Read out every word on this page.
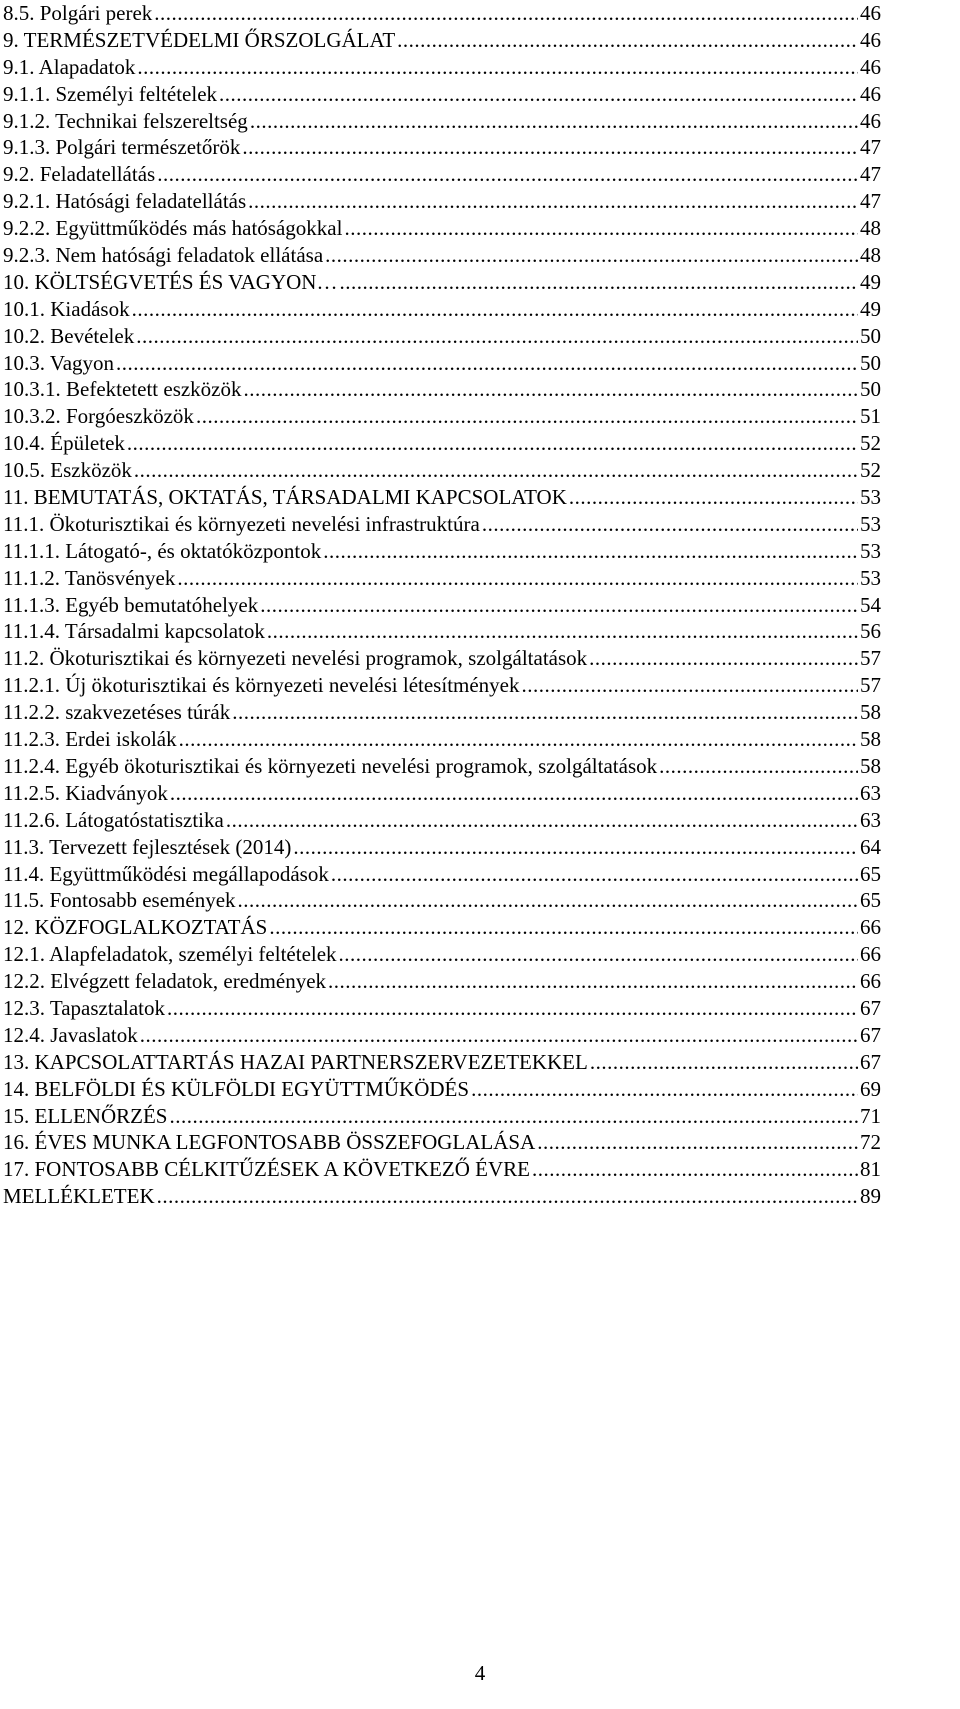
8.5. Polgári perek .....	46
9. TERMÉSZETVÉDELMI ŐRSZOLGÁLAT .....	46
9.1. Alapadatok .....	46
9.1.1. Személyi feltételek .....	46
9.1.2. Technikai felszereltség .....	46
9.1.3. Polgári természetőrök .....	47
9.2. Feladatellátás .....	47
9.2.1. Hatósági feladatellátás .....	47
9.2.2. Együttműködés más hatóságokkal .....	48
9.2.3. Nem hatósági feladatok ellátása .....	48
10. KÖLTSÉGVETÉS ÉS VAGYON… .....	49
10.1. Kiadások .....	49
10.2. Bevételek .....	50
10.3. Vagyon .....	50
10.3.1. Befektetett eszközök .....	50
10.3.2. Forgóeszközök .....	51
10.4. Épületek .....	52
10.5. Eszközök .....	52
11. BEMUTATÁS, OKTATÁS, TÁRSADALMI KAPCSOLATOK .....	53
11.1. Ökoturisztikai és környezeti nevelési infrastruktúra .....	53
11.1.1. Látogató-, és oktatóközpontok .....	53
11.1.2. Tanösvények .....	53
11.1.3. Egyéb bemutatóhelyek .....	54
11.1.4. Társadalmi kapcsolatok .....	56
11.2. Ökoturisztikai és környezeti nevelési programok, szolgáltatások .....	57
11.2.1. Új ökoturisztikai és környezeti nevelési létesítmények .....	57
11.2.2. szakvezetéses túrák .....	58
11.2.3. Erdei iskolák .....	58
11.2.4. Egyéb ökoturisztikai és környezeti nevelési programok, szolgáltatások .....	58
11.2.5. Kiadványok .....	63
11.2.6. Látogatóstatisztika .....	63
11.3. Tervezett fejlesztések (2014) .....	64
11.4. Együttműködési megállapodások .....	65
11.5. Fontosabb események .....	65
12. KÖZFOGLALKOZTATÁS .....	66
12.1. Alapfeladatok, személyi feltételek .....	66
12.2. Elvégzett feladatok, eredmények .....	66
12.3. Tapasztalatok .....	67
12.4. Javaslatok .....	67
13. KAPCSOLATTARTÁS HAZAI PARTNERSZERVEZETEKKEL .....	67
14. BELFÖLDI ÉS KÜLFÖLDI EGYÜTTMŰKÖDÉS .....	69
15. ELLENŐRZÉS .....	71
16. ÉVES MUNKA LEGFONTOSABB ÖSSZEFOGLALÁSA .....	72
17. FONTOSABB CÉLKITŰZÉSEK A KÖVETKEZŐ ÉVRE .....	81
MELLÉKLETEK .....	89
4
